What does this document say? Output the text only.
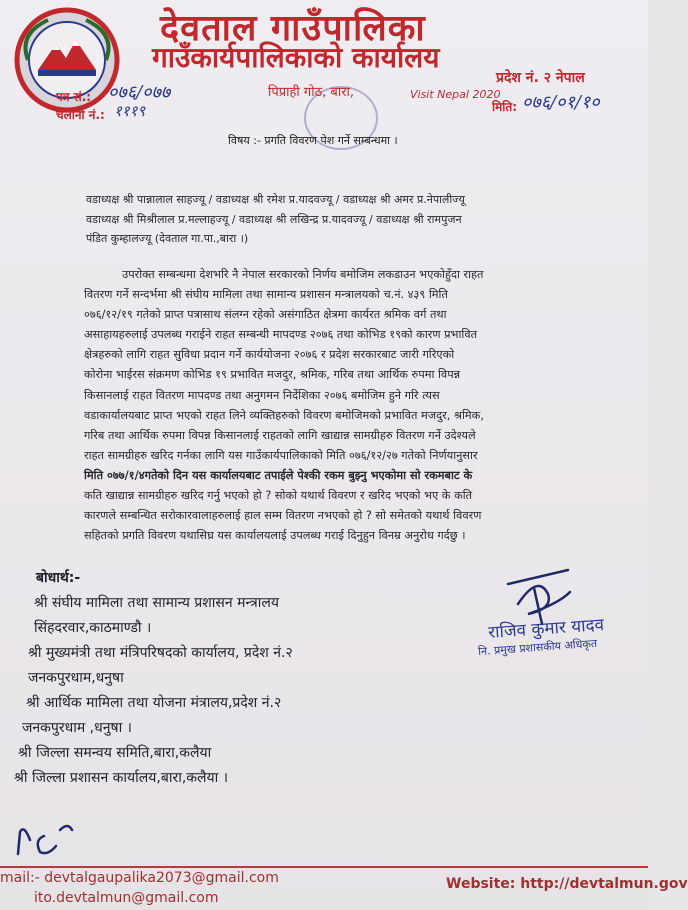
देवताल गाउँपालिका
गाउँकार्यपालिकाको कार्यालय
पत्र सं.: ०७६/०७७
चलानी नं.: १११९
पिप्राही गोठ, बारा,	Visit Nepal 2020
प्रदेश नं. २ नेपाल
मिति: ०७६/०१/१०
विषय :- प्रगति विवरण पेश गर्ने सम्बन्धमा ।
वडाध्यक्ष श्री पान्नालाल साहज्यू / वडाध्यक्ष श्री रमेश प्र.यादवज्यू / वडाध्यक्ष श्री अमर प्र.नेपालीज्यू
वडाध्यक्ष श्री मिश्रीलाल प्र.मल्लाहज्यू / वडाध्यक्ष श्री लखिन्द्र प्र.यादवज्यू / वडाध्यक्ष श्री रामपुजन
पंडित कुम्हालज्यू (देवताल गा.पा.,बारा ।)
उपरोक्त सम्बन्धमा देशभरि नै नेपाल सरकारको निर्णय बमोजिम लकडाउन भएकोहुँदा राहत
वितरण गर्ने सन्दर्भमा श्री संघीय मामिला तथा सामान्य प्रशासन मन्त्रालयको च.नं. ४३९ मिति
०७६/१२/१९ गतेको प्राप्त पत्रासाथ संलग्न रहेको असंगाठित क्षेत्रमा कार्यरत श्रमिक वर्ग तथा
असाहायहरुलाई उपलब्ध गराईने राहत सम्बन्धी मापदण्ड २०७६ तथा कोभिड १९को कारण प्रभावित
क्षेत्रहरुको लागि राहत सुविधा प्रदान गर्ने कार्ययोजना २०७६ र प्रदेश सरकारबाट जारी गरिएको
कोरोना भाईरस संक्रमण कोभिड १९ प्रभावित मजदुर, श्रमिक, गरिब तथा आर्थिक रुपमा विपन्न
किसानलाई राहत वितरण मापदण्ड तथा अनुगमन निर्देशिका २०७६ बमोजिम हुने गरि त्यस
वडाकार्यालयबाट प्राप्त भएको राहत लिने व्यक्तिहरुको विवरण बमोजिमको प्रभावित मजदुर, श्रमिक,
गरिब तथा आर्थिक रुपमा विपन्न किसानलाई राहतको लागि खाद्यान्न सामग्रीहरु वितरण गर्ने उदेश्यले
राहत सामग्रीहरु खरिद गर्नका लागि यस गाउँकार्यपालिकाको मिति ०७६/१२/२७ गतेको निर्णयानुसार
मिति ०७७/१/४गतेको दिन यस कार्यालयबाट तपाईले पेश्की रकम बुझ्नु भएकोमा सो रकमबाट के
कति खाद्यान्न सामग्रीहरु खरिद गर्नु भएको हो ? सोको यथार्थ विवरण र खरिद भएको भए के कति
कारणले सम्बन्धित सरोकारवालाहरुलाई हाल सम्म वितरण नभएको हो ? सो समेतको यथार्थ विवरण
सहितको प्रगति विवरण यथासिघ्र यस कार्यालयलाई उपलब्ध गराई दिनुहुन विनम्र अनुरोध गर्दछु ।
बोधार्थ:-
श्री संघीय मामिला तथा सामान्य प्रशासन मन्त्रालय
सिंहदरवार,काठमाण्डौ ।
श्री मुख्यमंत्री तथा मंत्रिपरिषदको कार्यालय, प्रदेश नं.२
जनकपुरधाम,धनुषा
श्री आर्थिक मामिला तथा योजना मंत्रालय,प्रदेश नं.२
जनकपुरधाम ,धनुषा ।
श्री जिल्ला समन्वय समिति,बारा,कलैया
श्री जिल्ला प्रशासन कार्यालय,बारा,कलैया ।
राजिव कुमार यादव
नि. प्रमुख प्रशासकीय अधिकृत
mail:- devtalgaupalika2073@gmail.com
ito.devtalmun@gmail.com
Website: http://devtalmun.gov
